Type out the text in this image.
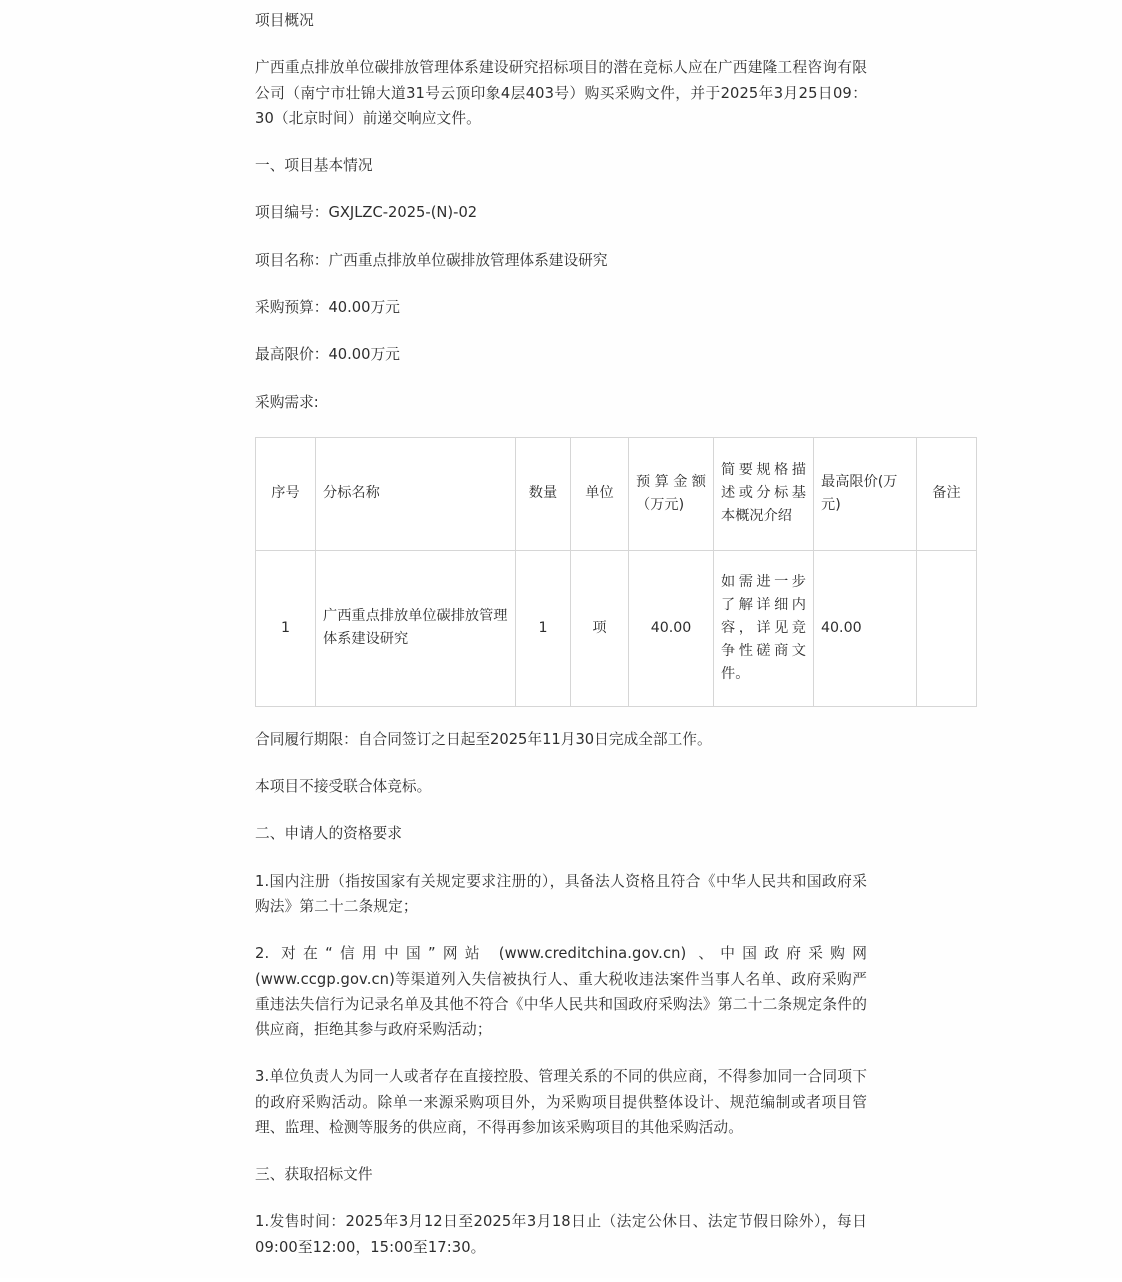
项目概况
广西重点排放单位碳排放管理体系建设研究招标项目的潜在竞标人应在广西建隆工程咨询有限公司（南宁市壮锦大道31号云顶印象4层403号）购买采购文件，并于2025年3月25日09：30（北京时间）前递交响应文件。
一、项目基本情况
项目编号：GXJLZC-2025-(N)-02
项目名称：广西重点排放单位碳排放管理体系建设研究
采购预算：40.00万元
最高限价：40.00万元
采购需求:
序号	分标名称	数量	单位	预算金额（万元)	简要规格描述或分标基本概况介绍	最高限价(万元)	备注
1	广西重点排放单位碳排放管理体系建设研究	1	项	40.00	如需进一步了解详细内容，详见竞争性磋商文件。	40.00	
合同履行期限：自合同签订之日起至2025年11月30日完成全部工作。
本项目不接受联合体竞标。
二、申请人的资格要求
1.国内注册（指按国家有关规定要求注册的），具备法人资格且符合《中华人民共和国政府采购法》第二十二条规定；
2. 对在“信用中国”网站 (www.creditchina.gov.cn) 、中国政府采购网 (www.ccgp.gov.cn)等渠道列入失信被执行人、重大税收违法案件当事人名单、政府采购严重违法失信行为记录名单及其他不符合《中华人民共和国政府采购法》第二十二条规定条件的供应商，拒绝其参与政府采购活动；
3.单位负责人为同一人或者存在直接控股、管理关系的不同的供应商，不得参加同一合同项下的政府采购活动。除单一来源采购项目外，为采购项目提供整体设计、规范编制或者项目管理、监理、检测等服务的供应商，不得再参加该采购项目的其他采购活动。
三、获取招标文件
1.发售时间：2025年3月12日至2025年3月18日止（法定公休日、法定节假日除外），每日09:00至12:00，15:00至17:30。
